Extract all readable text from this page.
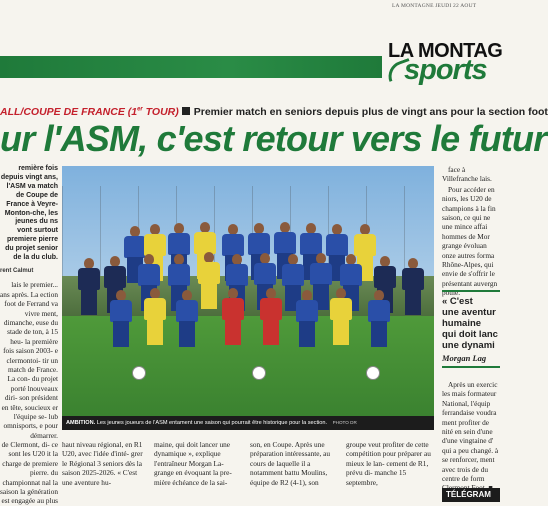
LA MONTAGNE JEUDI 22 AOUT
LA MONTAG
sports
ALL/COUPE DE FRANCE (1er TOUR) Premier match en seniors depuis plus de vingt ans pour la section foot
ur l'ASM, c'est retour vers le futur

remière fois depuis vingt ans, l'ASM va match de Coupe de France à Veyre-Monton-che, les jeunes du ns vont surtout premiere pierre du projet senior de la du club.

rent Calmut

lais le premier... ans après. La ection foot de Ferrand va vivre ment, dimanche, euse du stade de ton, à 15 heu- la première fois saison 2003- e clermontoi- tir un match de France. La con- du projet porté lnouveaux diri- son président en tête, soucieux er l'équipe se- lub omnisports, e pour démarrer.

AMBITION. Les jeunes joueurs de l'ASM entament une saison qui pourrait être historique pour la section. PHOTO DR

face à Villefranche lais.

Pour accéder en niors, les U20 de champions à la fin saison, ce qui ne une mince affai hommes de Mor grange évoluan onze autres forma Rhône-Alpes, qui envie de s'offrir le présentant auvergn poule.

« C'est
une aventur
humaine
qui doit lanc
une dynami
Morgan Lag

Après un exercic les mais formateur National, l'équip ferrandaise voudra ment profiter de nité en sein d'une d'une vingtaine d' qui a peu changé. à se renforcer, ment avec trois de du centre de form

de Clermont, di- ce sont les U20 it la charge de premiere pierre. du championnat nal la saison la génération est engagée au plus
haut niveau régional, en R1 U20, avec l'idée d'inté- grer le Régional 3 seniors dès la saison 2025-2026. « C'est une aventure hu-
maine, qui doit lancer une dynamique », explique l'entraîneur Morgan La- grange en évoquant la pre- mière échéance de la sai-
son, en Coupe. Après une préparation intéressante, au cours de laquelle il a notamment battu Moulins, équipe de R2 (4-1), son
groupe veut profiter de cette compétition pour préparer au mieux le lan- cement de R1, prévu di- manche 15 septembre,
TÉLÉGRAM
